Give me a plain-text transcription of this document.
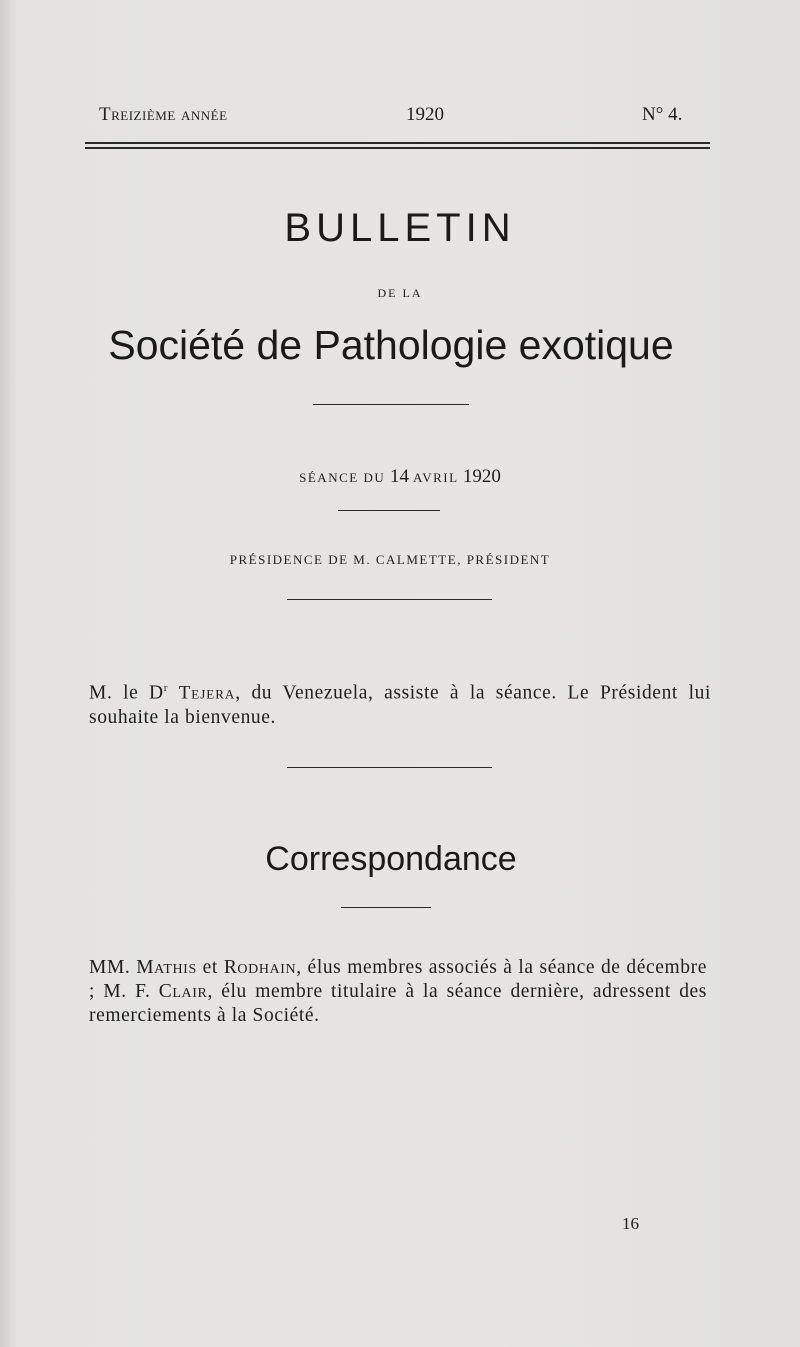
Treizième année	1920	N° 4.
BULLETIN
DE LA
Société de Pathologie exotique
SÉANCE DU 14 AVRIL 1920
PRÉSIDENCE DE M. CALMETTE, PRÉSIDENT
M. le $D^r$ Tejera, du Venezuela, assiste à la séance. Le Président lui souhaite la bienvenue.
Correspondance
MM. Mathis et Rodhain, élus membres associés à la séance de décembre ; M. F. Clair, élu membre titulaire à la séance dernière, adressent des remerciements à la Société.
16
